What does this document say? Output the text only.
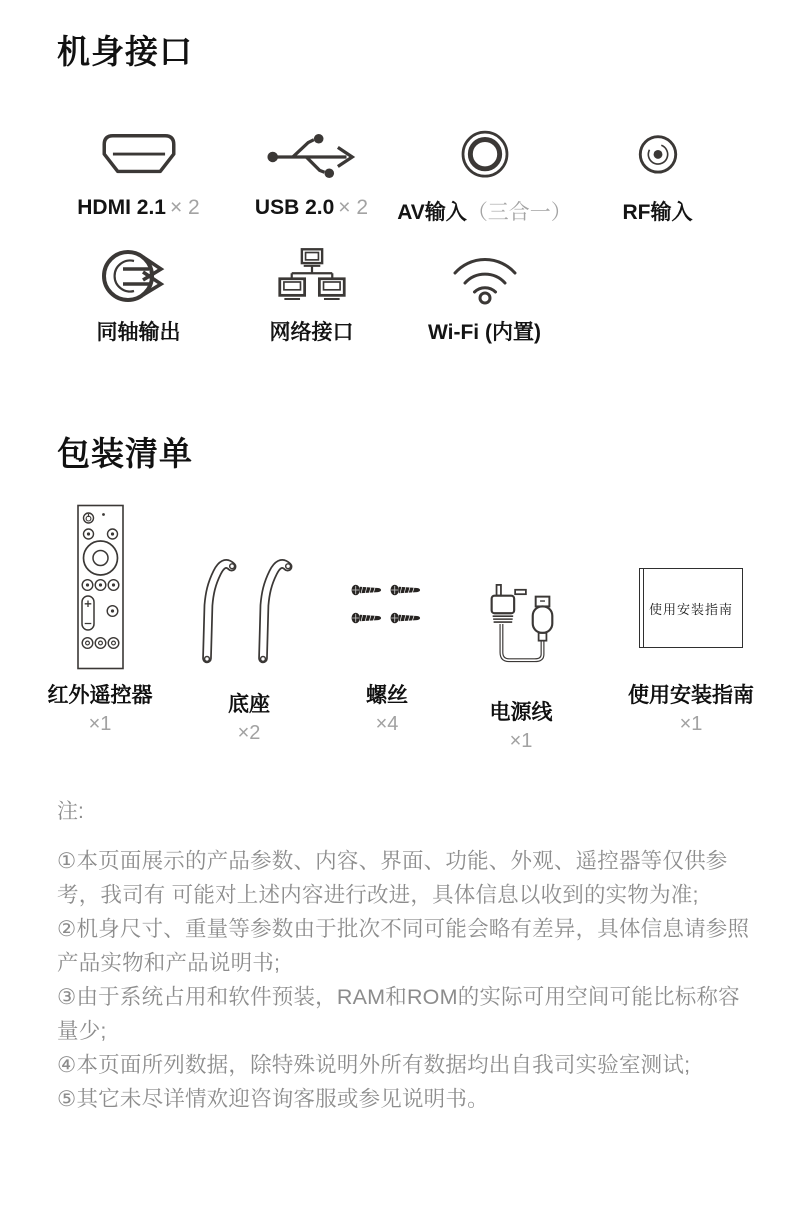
机身接口
HDMI 2.1 × 2	USB 2.0 × 2 AV输入（三合一） RF输入
同轴输出	网络接口	Wi-Fi (内置)
包装清单
红外遥控器
×1
底座
×2
螺丝
×4	电源线
×1
使用安装指南
使用安装指南
×1
注:

①本页面展示的产品参数、内容、界面、功能、外观、遥控器等仅供参考，我司有 可能对上述内容进行改进，具体信息以收到的实物为准;

②机身尺寸、重量等参数由于批次不同可能会略有差异，具体信息请参照产品实物和产品说明书;

③由于系统占用和软件预装，RAM和ROM的实际可用空间可能比标称容量少;

④本页面所列数据，除特殊说明外所有数据均出自我司实验室测试;

⑤其它未尽详情欢迎咨询客服或参见说明书。
